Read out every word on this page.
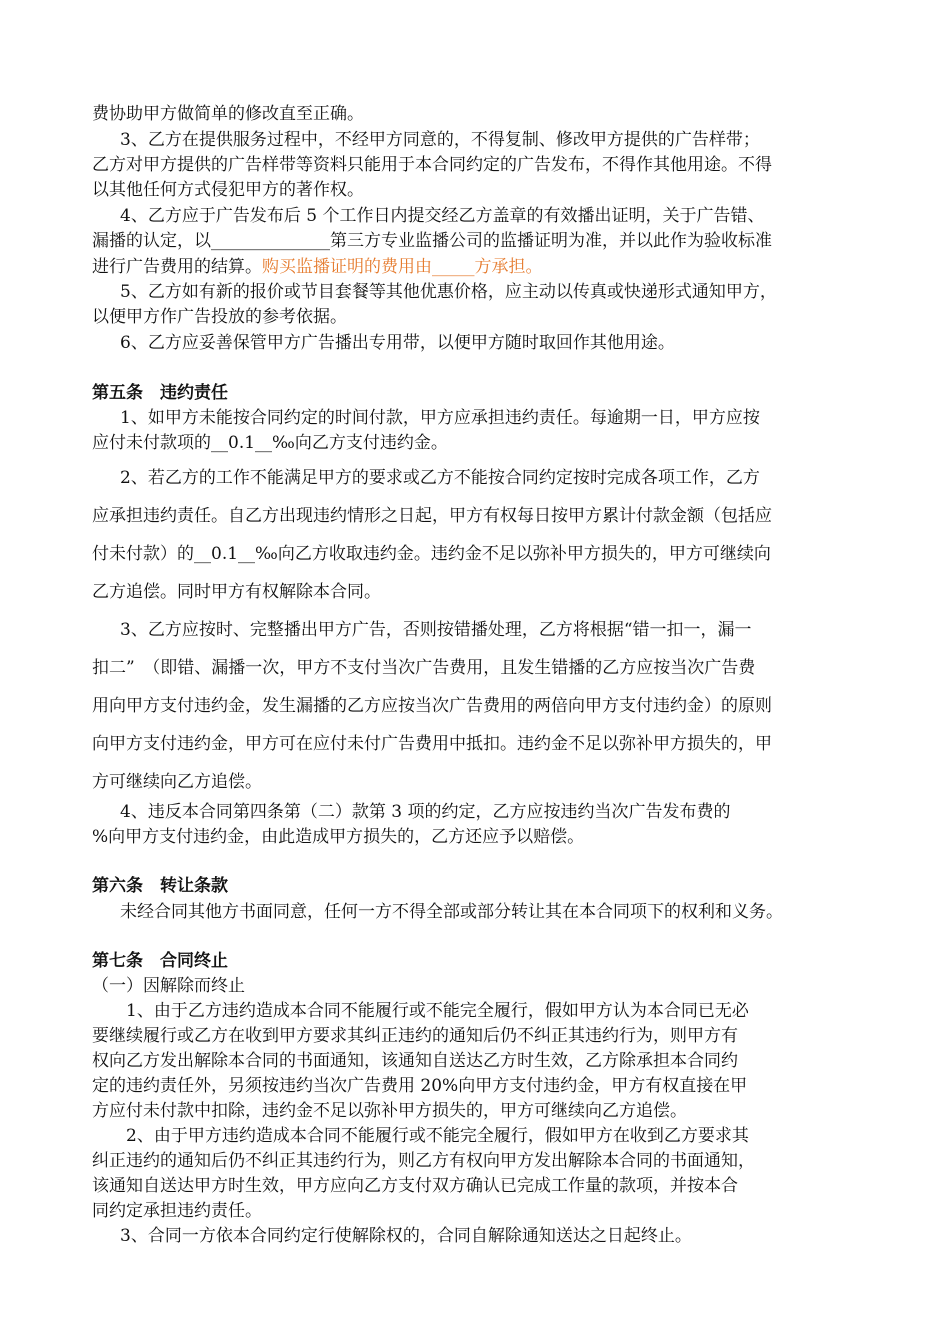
费协助甲方做简单的修改直至正确。
3、乙方在提供服务过程中，不经甲方同意的，不得复制、修改甲方提供的广告样带；
乙方对甲方提供的广告样带等资料只能用于本合同约定的广告发布，不得作其他用途。不得
以其他任何方式侵犯甲方的著作权。
4、乙方应于广告发布后 5 个工作日内提交经乙方盖章的有效播出证明，关于广告错、
漏播的认定，以______________第三方专业监播公司的监播证明为准，并以此作为验收标准
进行广告费用的结算。购买监播证明的费用由_____方承担。
5、乙方如有新的报价或节目套餐等其他优惠价格，应主动以传真或快递形式通知甲方，
以便甲方作广告投放的参考依据。
6、乙方应妥善保管甲方广告播出专用带，以便甲方随时取回作其他用途。
第五条　违约责任
1、如甲方未能按合同约定的时间付款，甲方应承担违约责任。每逾期一日，甲方应按
应付未付款项的__0.1__‰向乙方支付违约金。
2、若乙方的工作不能满足甲方的要求或乙方不能按合同约定按时完成各项工作，乙方
应承担违约责任。自乙方出现违约情形之日起，甲方有权每日按甲方累计付款金额（包括应
付未付款）的__0.1__‰向乙方收取违约金。违约金不足以弥补甲方损失的，甲方可继续向
乙方追偿。同时甲方有权解除本合同。
3、乙方应按时、完整播出甲方广告，否则按错播处理，乙方将根据“错一扣一，漏一
扣二”　（即错、漏播一次，甲方不支付当次广告费用，且发生错播的乙方应按当次广告费
用向甲方支付违约金，发生漏播的乙方应按当次广告费用的两倍向甲方支付违约金）的原则
向甲方支付违约金，甲方可在应付未付广告费用中抵扣。违约金不足以弥补甲方损失的，甲
方可继续向乙方追偿。
4、违反本合同第四条第（二）款第 3 项的约定，乙方应按违约当次广告发布费的
%向甲方支付违约金，由此造成甲方损失的，乙方还应予以赔偿。
第六条　转让条款
未经合同其他方书面同意，任何一方不得全部或部分转让其在本合同项下的权利和义务。
第七条　合同终止
（一）因解除而终止
1、由于乙方违约造成本合同不能履行或不能完全履行，假如甲方认为本合同已无必
要继续履行或乙方在收到甲方要求其纠正违约的通知后仍不纠正其违约行为，则甲方有
权向乙方发出解除本合同的书面通知，该通知自送达乙方时生效，乙方除承担本合同约
定的违约责任外，另须按违约当次广告费用 20%向甲方支付违约金，甲方有权直接在甲
方应付未付款中扣除，违约金不足以弥补甲方损失的，甲方可继续向乙方追偿。
2、由于甲方违约造成本合同不能履行或不能完全履行，假如甲方在收到乙方要求其
纠正违约的通知后仍不纠正其违约行为，则乙方有权向甲方发出解除本合同的书面通知，
该通知自送达甲方时生效，甲方应向乙方支付双方确认已完成工作量的款项，并按本合
同约定承担违约责任。
3、合同一方依本合同约定行使解除权的，合同自解除通知送达之日起终止。
